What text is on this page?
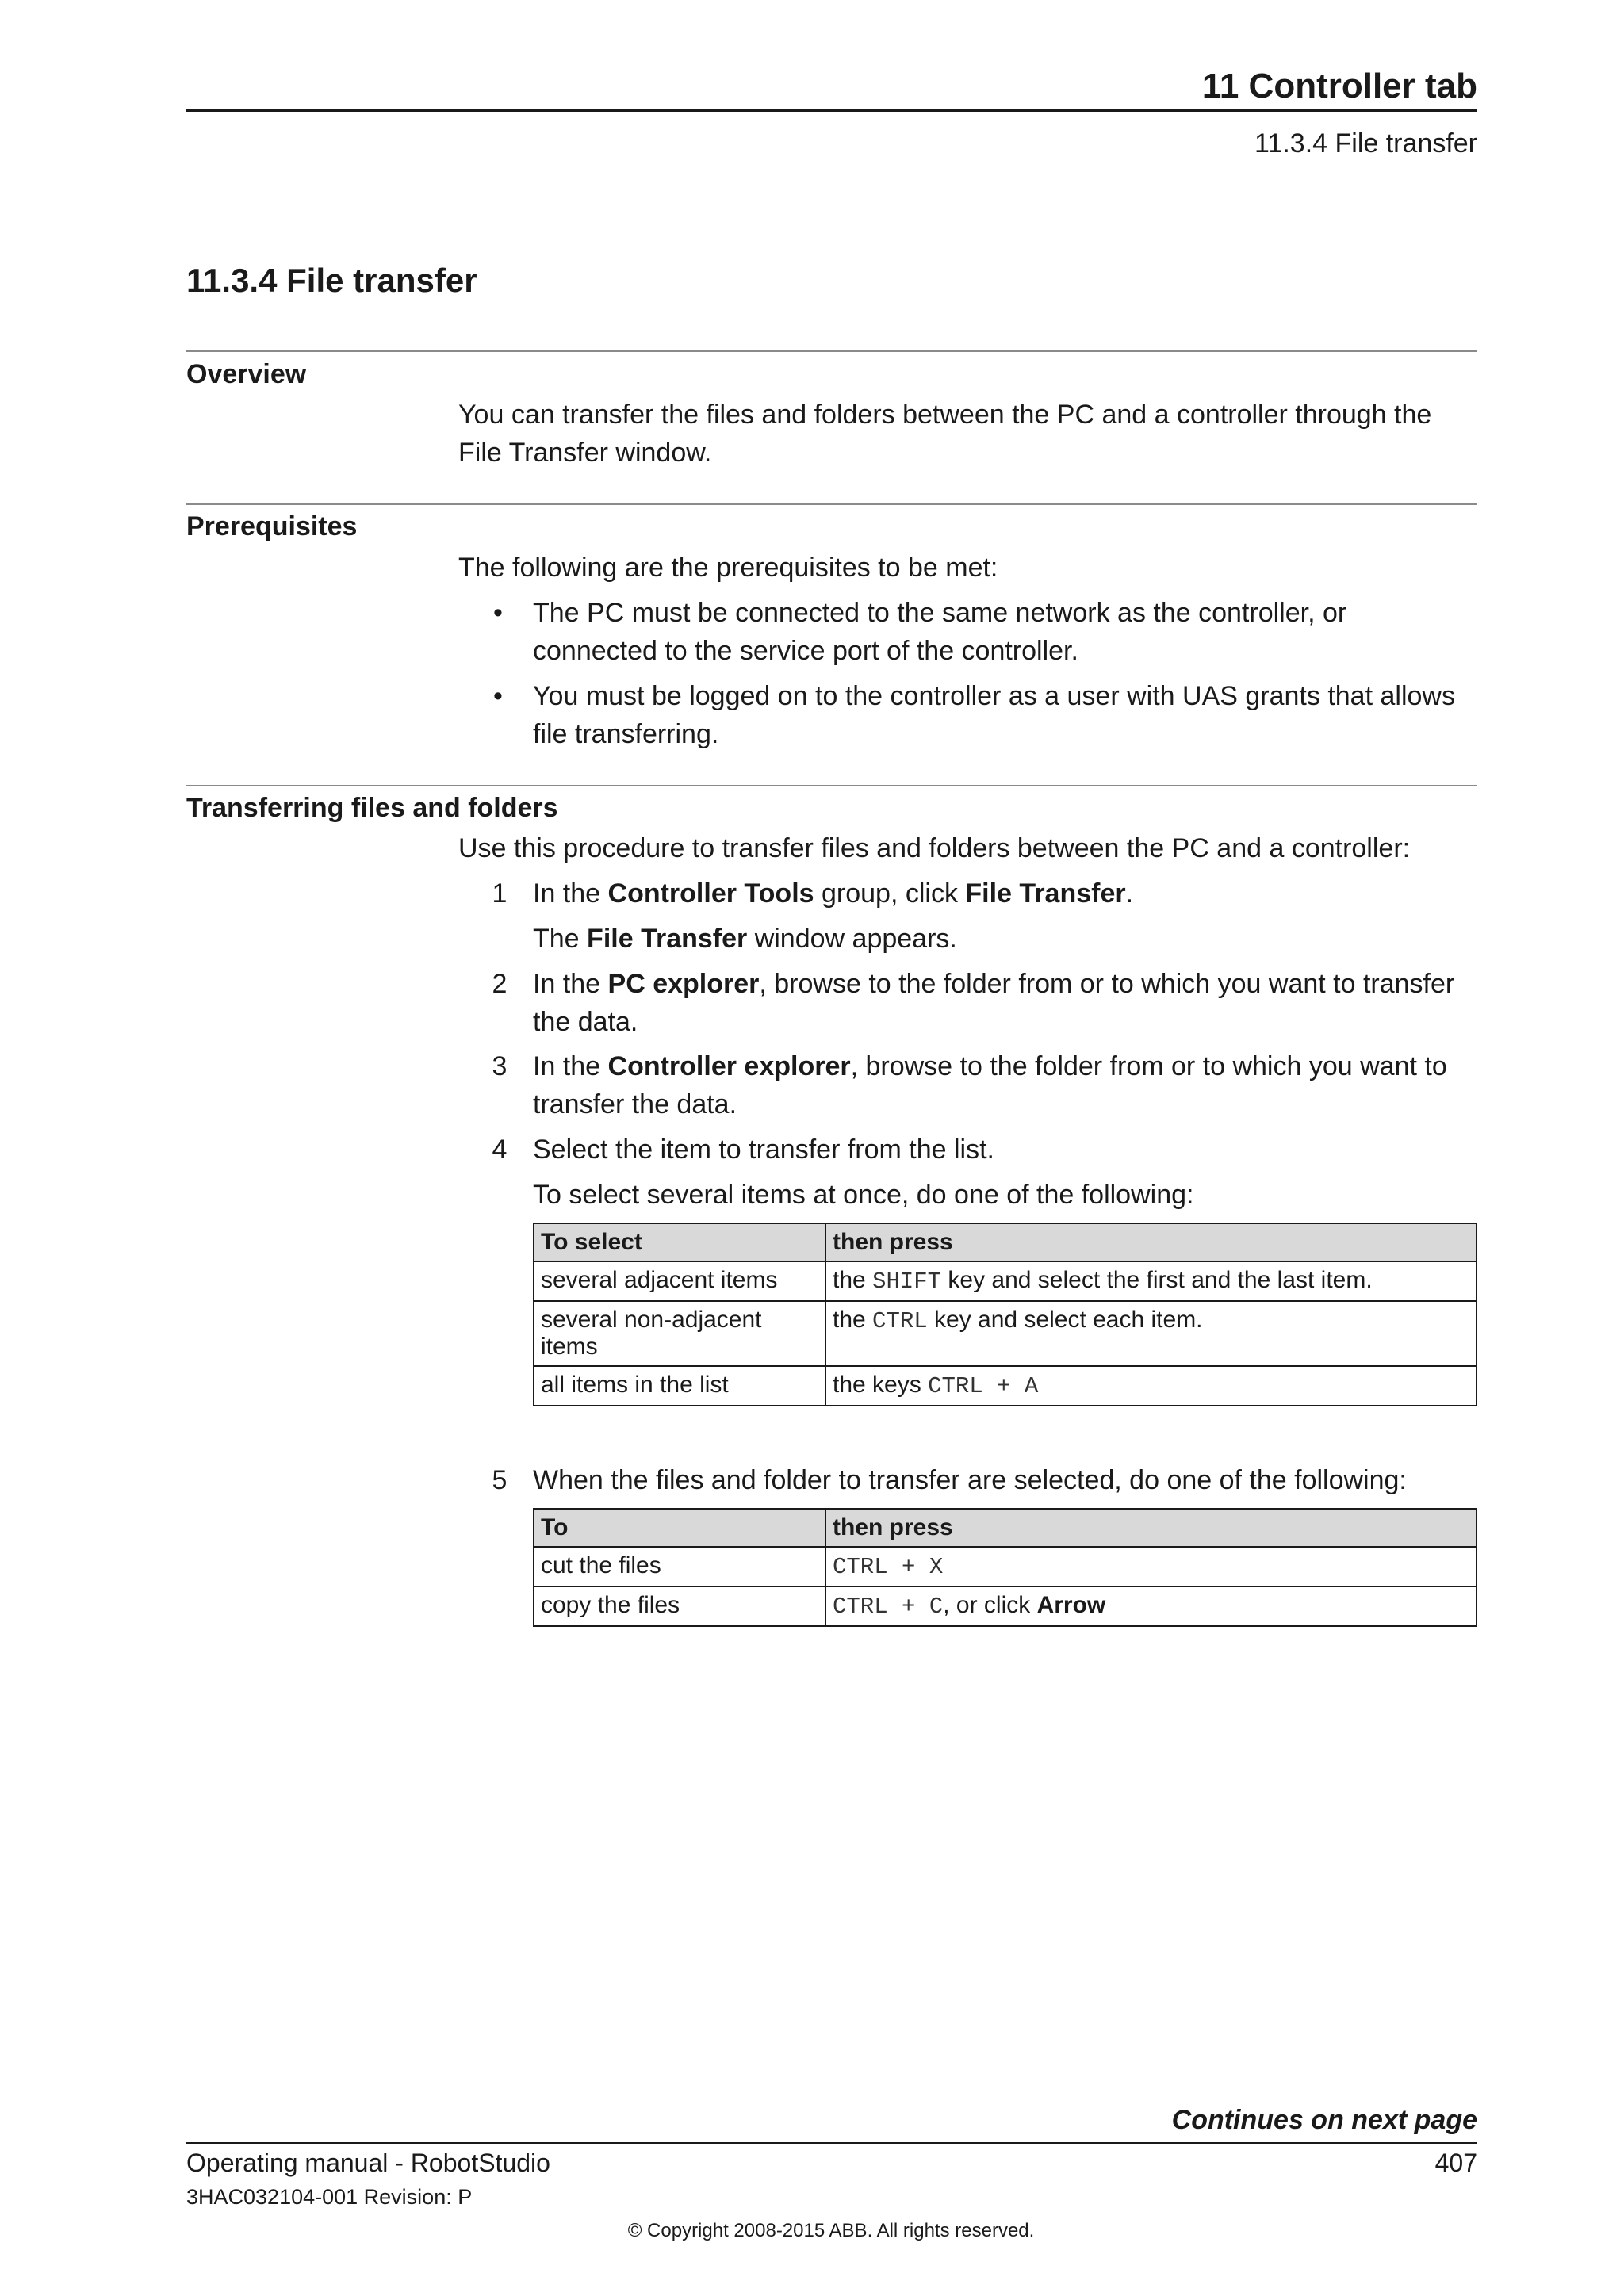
11 Controller tab
11.3.4 File transfer
11.3.4 File transfer
Overview
You can transfer the files and folders between the PC and a controller through the File Transfer window.
Prerequisites
The following are the prerequisites to be met:
•	The PC must be connected to the same network as the controller, or connected to the service port of the controller.
•	You must be logged on to the controller as a user with UAS grants that allows file transferring.
Transferring files and folders
Use this procedure to transfer files and folders between the PC and a controller:
1 In the Controller Tools group, click File Transfer.
The File Transfer window appears.
2 In the PC explorer, browse to the folder from or to which you want to transfer the data.
3 In the Controller explorer, browse to the folder from or to which you want to transfer the data.
4 Select the item to transfer from the list.
To select several items at once, do one of the following:
To select	then press
several adjacent items	the SHIFT key and select the first and the last item.
several non-adjacent items	the CTRL key and select each item.
all items in the list	the keys CTRL + A
5 When the files and folder to transfer are selected, do one of the following:
To	then press
cut the files	CTRL + X
copy the files	CTRL + C, or click Arrow
Continues on next page
Operating manual - RobotStudio	407
3HAC032104-001 Revision: P
© Copyright 2008-2015 ABB. All rights reserved.
